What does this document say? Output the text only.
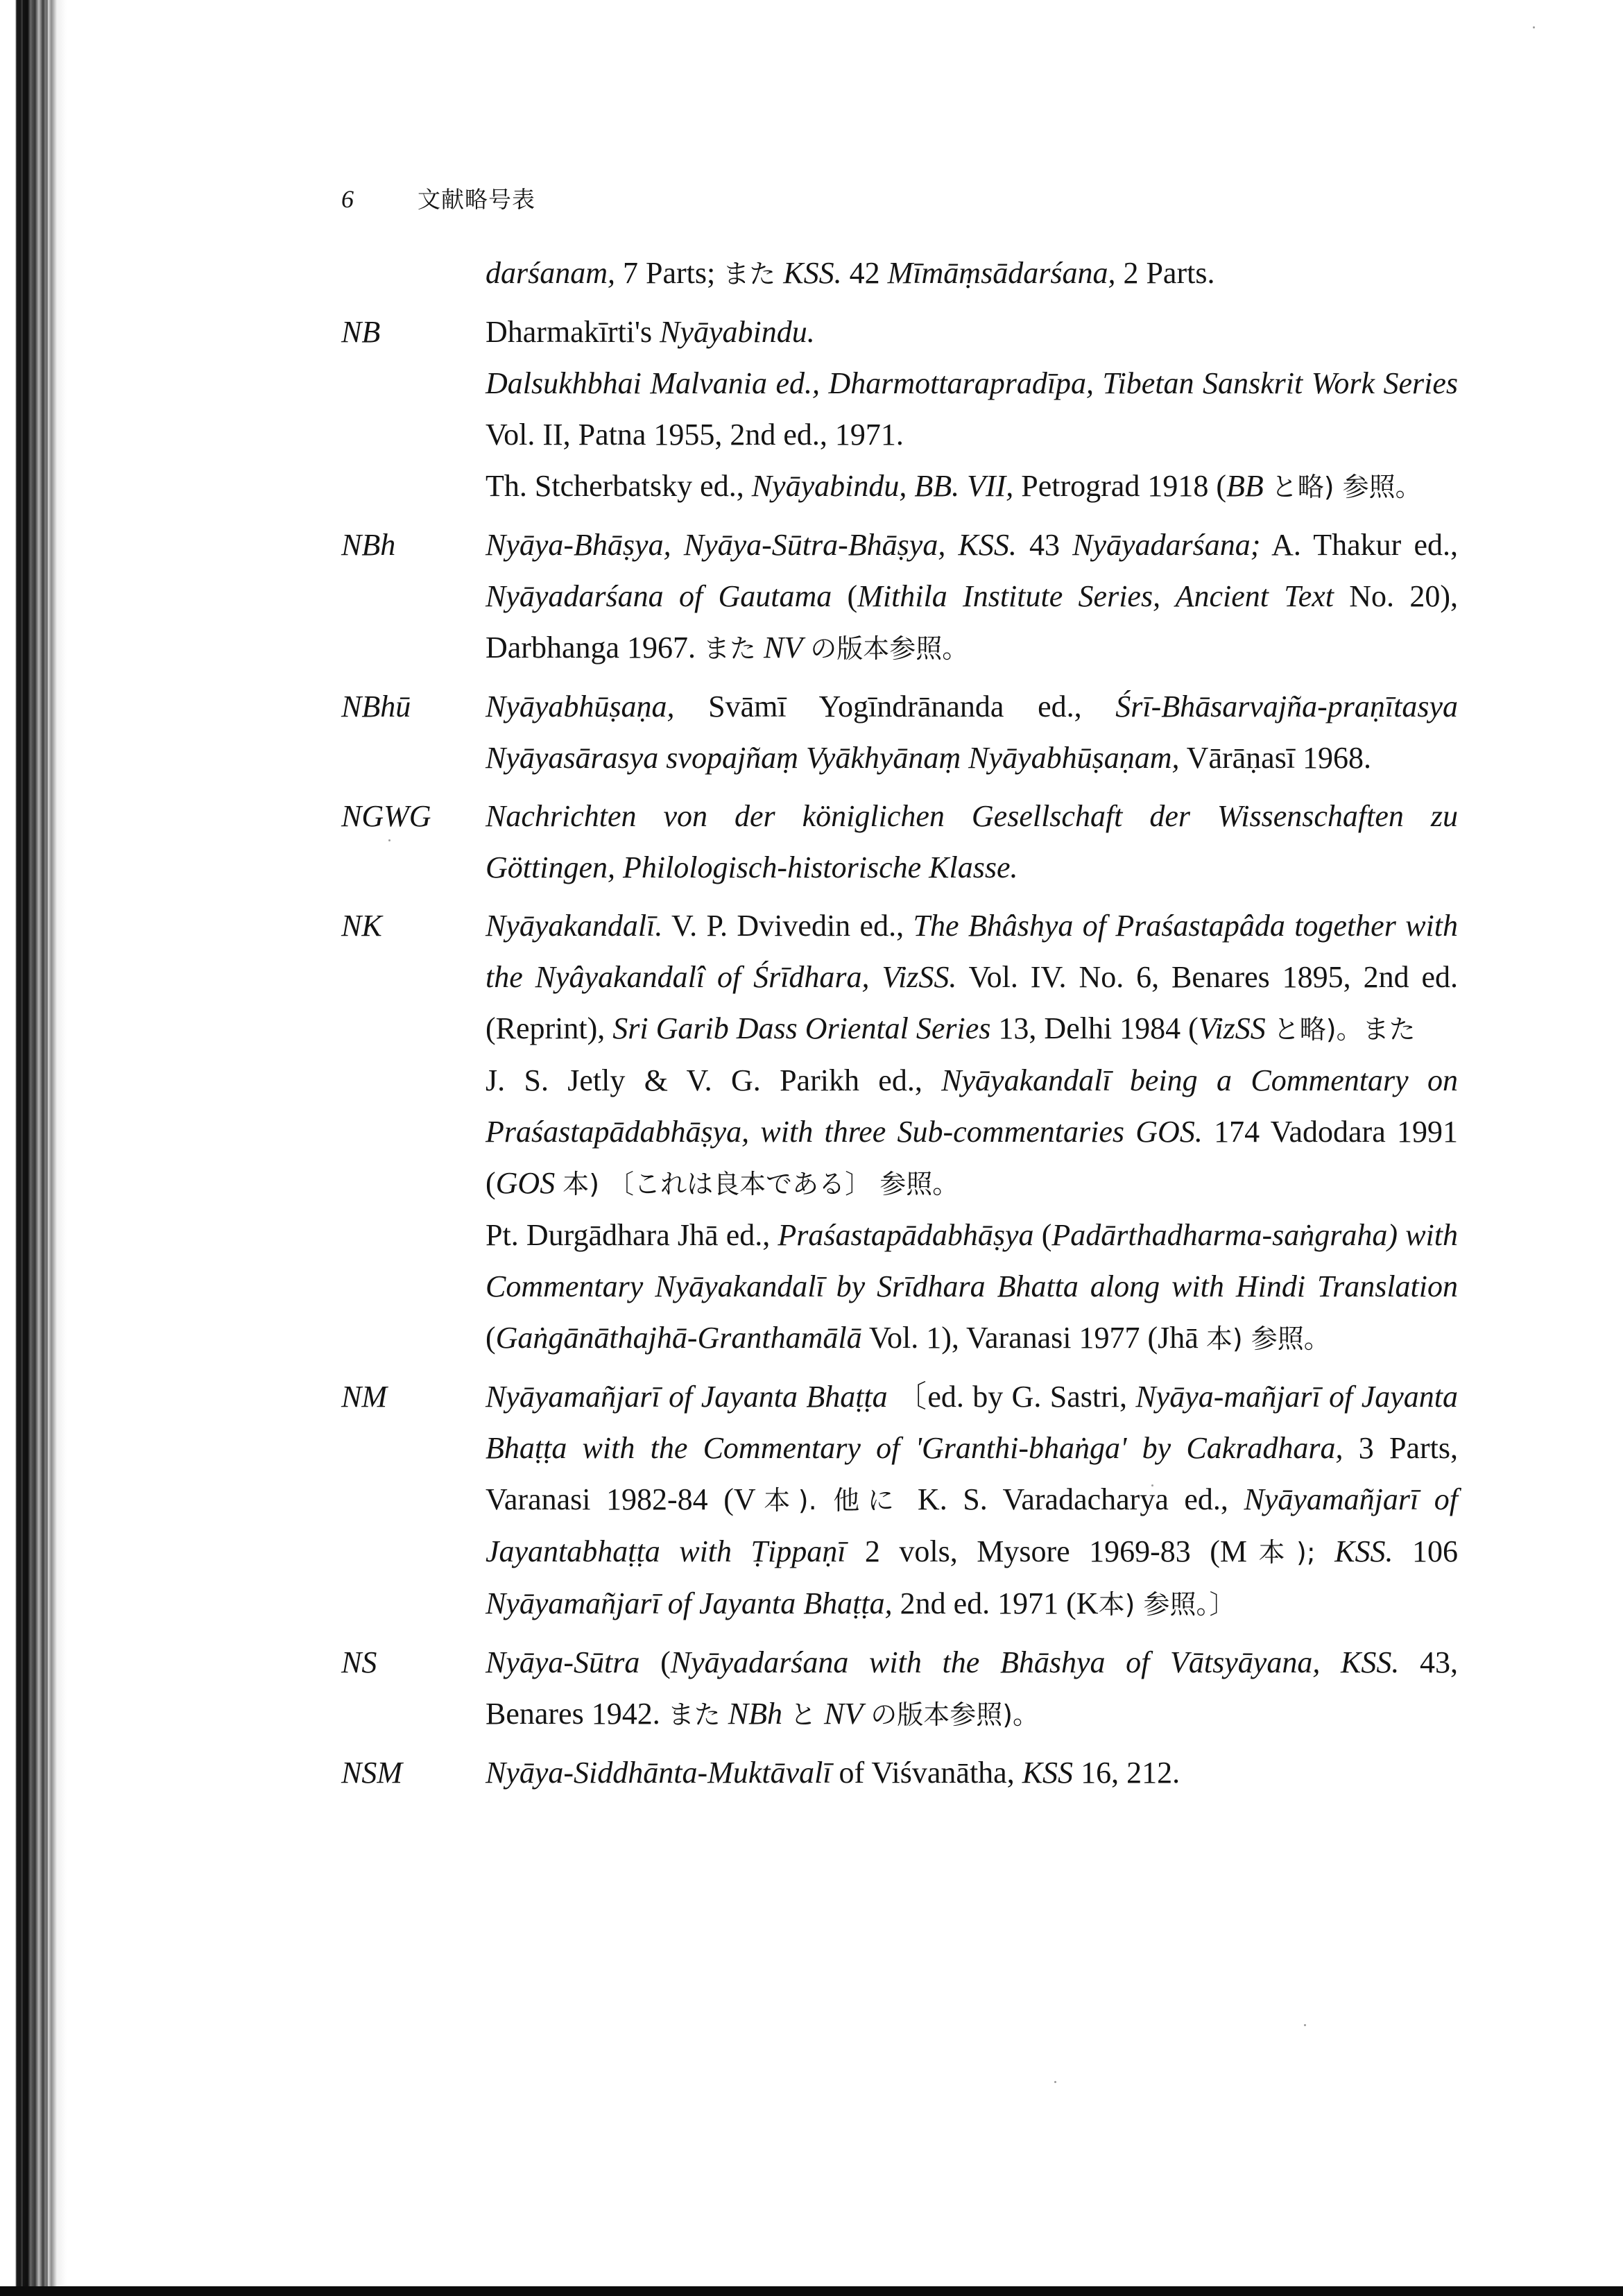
6	文献略号表

darśanam, 7 Parts; また KSS. 42 Mīmāṃsādarśana, 2 Parts.

NB	Dharmakīrti's Nyāyabindu.

Dalsukhbhai Malvania ed., Dharmottarapradīpa, Tibetan Sanskrit Work Series Vol. II, Patna 1955, 2nd ed., 1971.

Th. Stcherbatsky ed., Nyāyabindu, BB. VII, Petrograd 1918 (BB と略) 参照。

NBh	Nyāya-Bhāṣya, Nyāya-Sūtra-Bhāṣya, KSS. 43 Nyāyadarśana; A. Thakur ed., Nyāyadarśana of Gautama (Mithila Institute Series, Ancient Text No. 20), Darbhanga 1967. また NV の版本参照。

NBhū	Nyāyabhūṣaṇa, Svāmī Yogīndrānanda ed., Śrī-Bhāsarvajña-praṇītasya Nyāyasārasya svopajñaṃ Vyākhyānaṃ Nyāyabhūṣaṇam, Vārāṇasī 1968.

NGWG	Nachrichten von der königlichen Gesellschaft der Wissenschaften zu Göttingen, Philologisch-historische Klasse.

NK	Nyāyakandalī. V. P. Dvivedin ed., The Bhâshya of Praśastapâda together with the Nyâyakandalî of Śrīdhara, VizSS. Vol. IV. No. 6, Benares 1895, 2nd ed. (Reprint), Sri Garib Dass Oriental Series 13, Delhi 1984 (VizSS と略)。また

J. S. Jetly & V. G. Parikh ed., Nyāyakandalī being a Commentary on Praśastapādabhāṣya, with three Sub-commentaries GOS. 174 Vadodara 1991 (GOS 本) 〔これは良本である〕 参照。

Pt. Durgādhara Jhā ed., Praśastapādabhāṣya (Padārthadharma-saṅgraha) with Commentary Nyāyakandalī by Srīdhara Bhatta along with Hindi Translation (Gaṅgānāthajhā-Granthamālā Vol. 1), Varanasi 1977 (Jhā 本) 参照。

NM	Nyāyamañjarī of Jayanta Bhaṭṭa 〔ed. by G. Sastri, Nyāya-mañjarī of Jayanta Bhaṭṭa with the Commentary of 'Granthi-bhaṅga' by Cakradhara, 3 Parts, Varanasi 1982-84 (V本). 他に K. S. Varadacharya ed., Nyāyamañjarī of Jayantabhaṭṭa with Ṭippaṇī 2 vols, Mysore 1969-83 (M本); KSS. 106 Nyāyamañjarī of Jayanta Bhaṭṭa, 2nd ed. 1971 (K本) 参照。〕

NS	Nyāya-Sūtra (Nyāyadarśana with the Bhāshya of Vātsyāyana, KSS. 43, Benares 1942. また NBh と NV の版本参照)。

NSM	Nyāya-Siddhānta-Muktāvalī of Viśvanātha, KSS 16, 212.
